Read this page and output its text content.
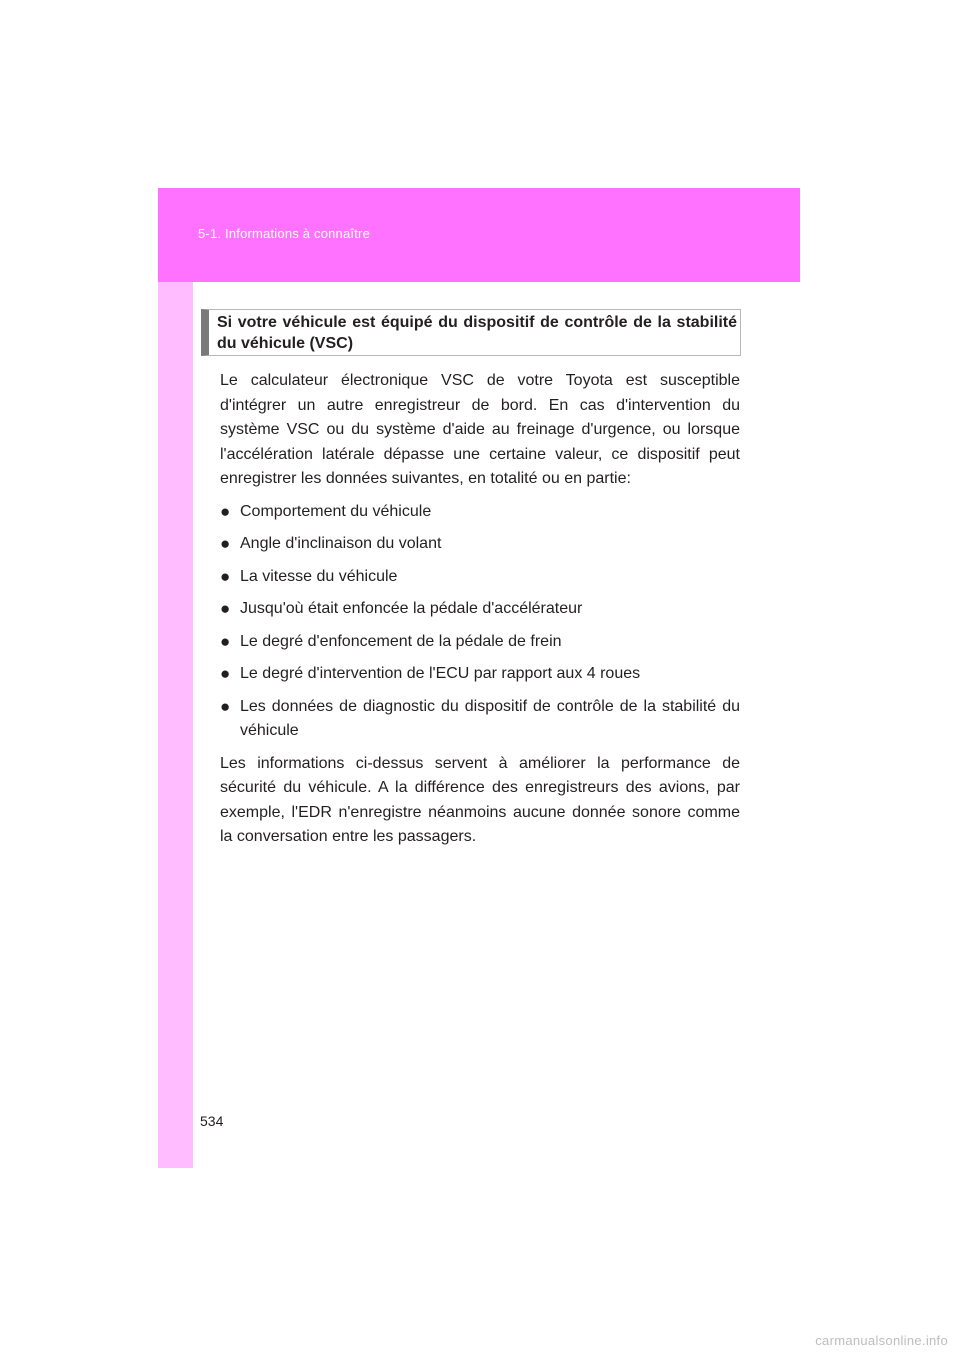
5-1. Informations à connaître
Si votre véhicule est équipé du dispositif de contrôle de la stabilité du véhicule (VSC)

Le calculateur électronique VSC de votre Toyota est susceptible d'intégrer un autre enregistreur de bord. En cas d'intervention du système VSC ou du système d'aide au freinage d'urgence, ou lorsque l'accélération latérale dépasse une certaine valeur, ce dispositif peut enregistrer les données suivantes, en totalité ou en partie:

● Comportement du véhicule
● Angle d'inclinaison du volant
● La vitesse du véhicule
● Jusqu'où était enfoncée la pédale d'accélérateur
● Le degré d'enfoncement de la pédale de frein
● Le degré d'intervention de l'ECU par rapport aux 4 roues
● Les données de diagnostic du dispositif de contrôle de la stabilité du véhicule

Les informations ci-dessus servent à améliorer la performance de sécurité du véhicule. A la différence des enregistreurs des avions, par exemple, l'EDR n'enregistre néanmoins aucune donnée sonore comme la conversation entre les passagers.

534
carmanualsonline.info
